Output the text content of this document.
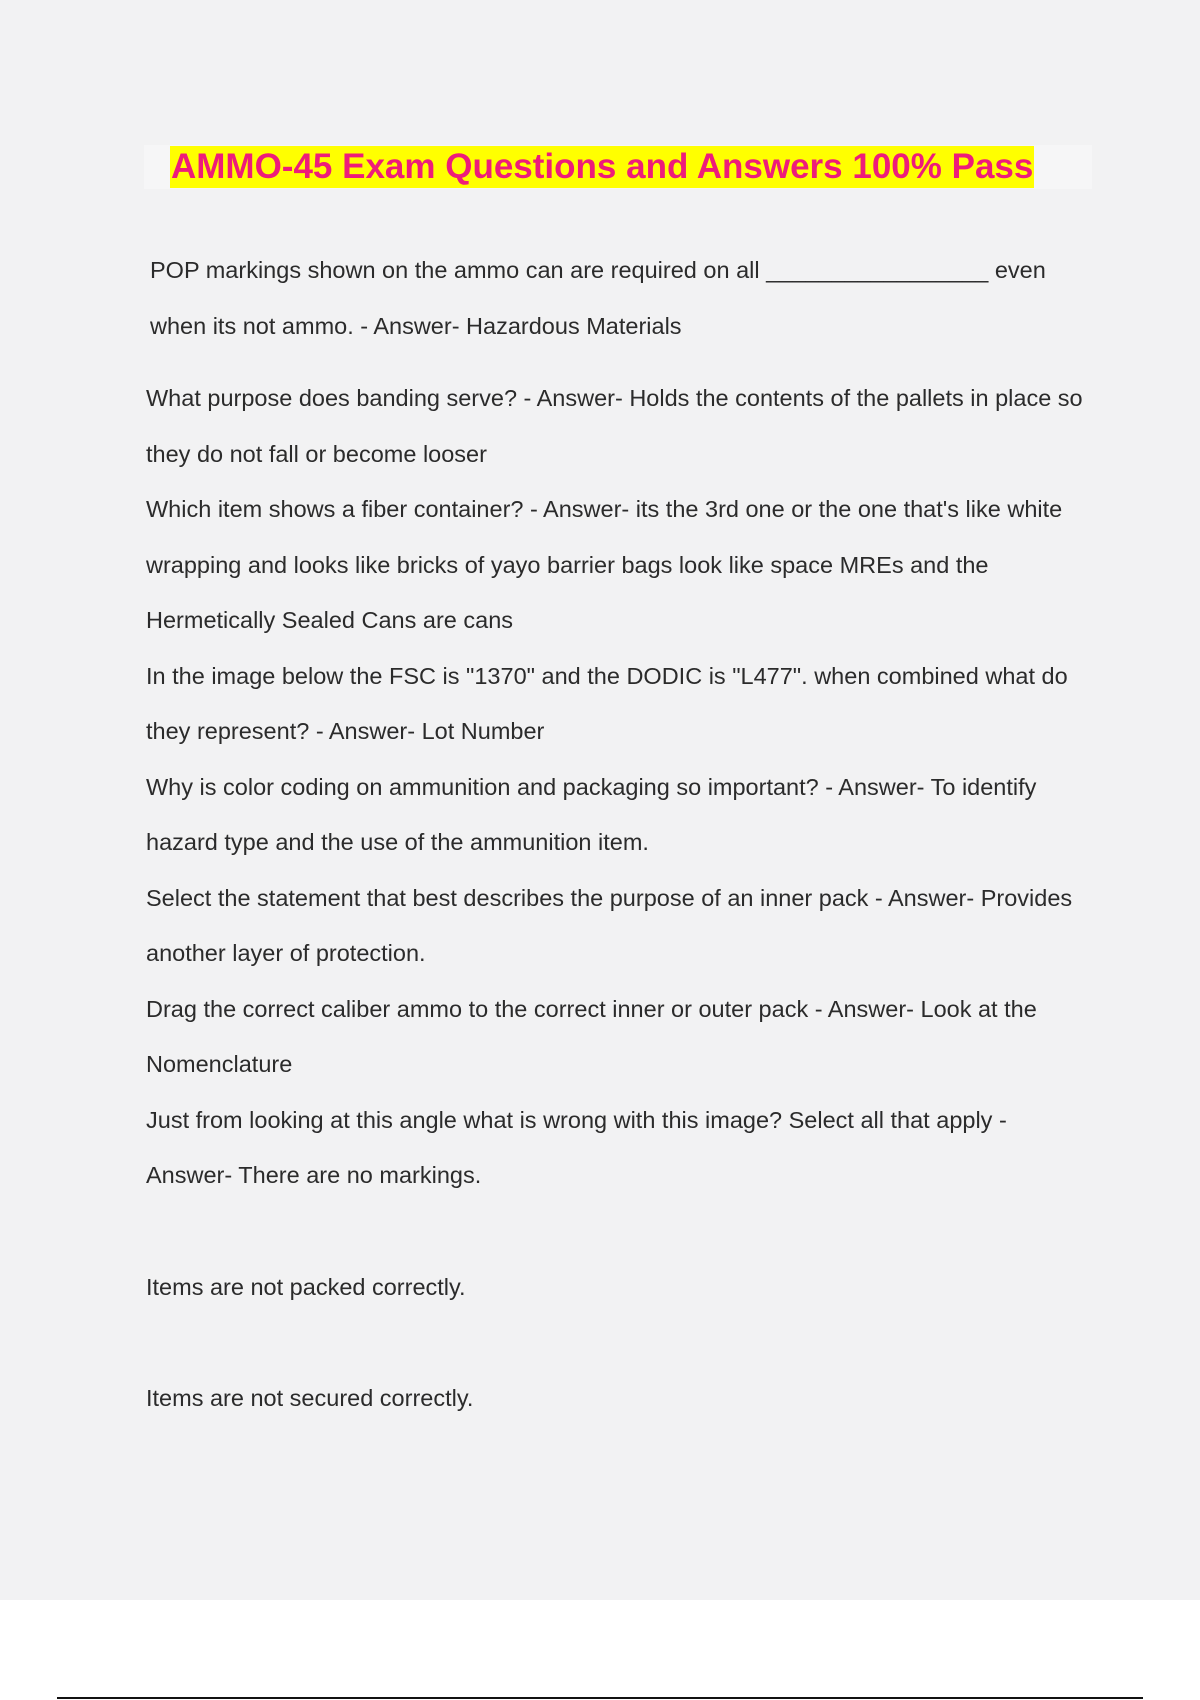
AMMO-45 Exam Questions and Answers 100% Pass

POP markings shown on the ammo can are required on all _________________ even when its not ammo. - Answer- Hazardous Materials

What purpose does banding serve? - Answer- Holds the contents of the pallets in place so they do not fall or become looser

Which item shows a fiber container? - Answer- its the 3rd one or the one that's like white wrapping and looks like bricks of yayo barrier bags look like space MREs and the Hermetically Sealed Cans are cans

In the image below the FSC is "1370" and the DODIC is "L477". when combined what do they represent? - Answer- Lot Number

Why is color coding on ammunition and packaging so important? - Answer- To identify hazard type and the use of the ammunition item.

Select the statement that best describes the purpose of an inner pack - Answer- Provides another layer of protection.

Drag the correct caliber ammo to the correct inner or outer pack - Answer- Look at the Nomenclature

Just from looking at this angle what is wrong with this image? Select all that apply - Answer- There are no markings.

Items are not packed correctly.

Items are not secured correctly.
